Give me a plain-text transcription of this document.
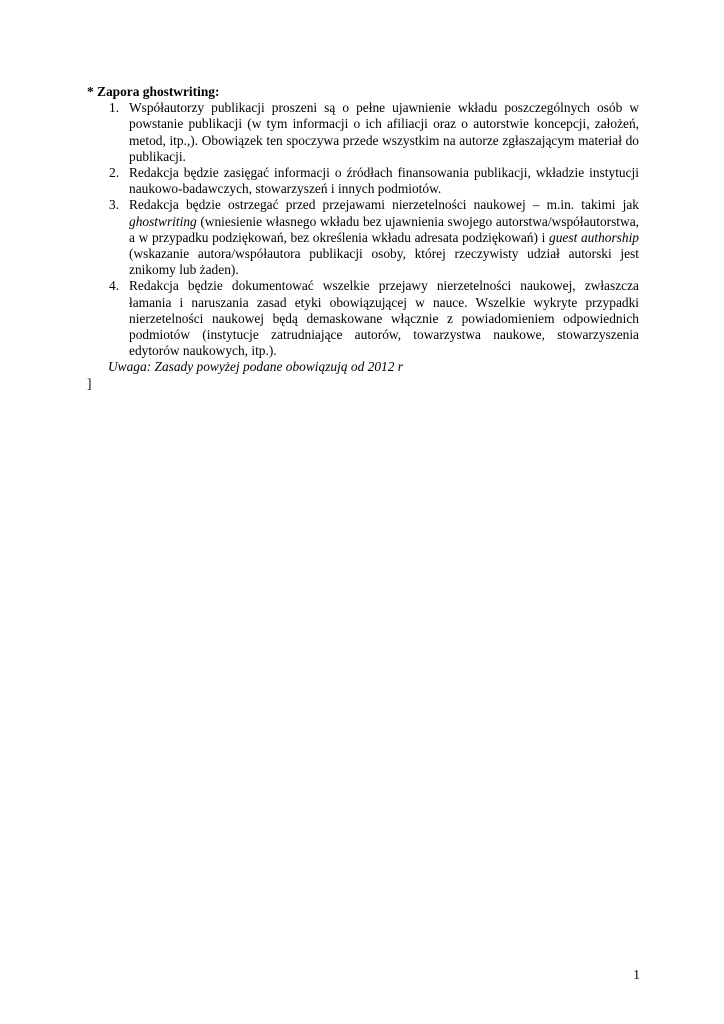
* Zapora ghostwriting:

1. Współautorzy publikacji proszeni są o pełne ujawnienie wkładu poszczególnych osób w powstanie publikacji (w tym informacji o ich afiliacji oraz o autorstwie koncepcji, założeń, metod, itp.,). Obowiązek ten spoczywa przede wszystkim na autorze zgłaszającym materiał do publikacji.
2. Redakcja będzie zasięgać informacji o źródłach finansowania publikacji, wkładzie instytucji naukowo-badawczych, stowarzyszeń i innych podmiotów.
3. Redakcja będzie ostrzegać przed przejawami nierzetelności naukowej – m.in. takimi jak ghostwriting (wniesienie własnego wkładu bez ujawnienia swojego autorstwa/współautorstwa, a w przypadku podziękowań, bez określenia wkładu adresata podziękowań) i guest authorship (wskazanie autora/współautora publikacji osoby, której rzeczywisty udział autorski jest znikomy lub żaden).
4. Redakcja będzie dokumentować wszelkie przejawy nierzetelności naukowej, zwłaszcza łamania i naruszania zasad etyki obowiązującej w nauce. Wszelkie wykryte przypadki nierzetelności naukowej będą demaskowane włącznie z powiadomieniem odpowiednich podmiotów (instytucje zatrudniające autorów, towarzystwa naukowe, stowarzyszenia edytorów naukowych, itp.).

Uwaga: Zasady powyżej podane obowiązują od 2012 r

]

1
